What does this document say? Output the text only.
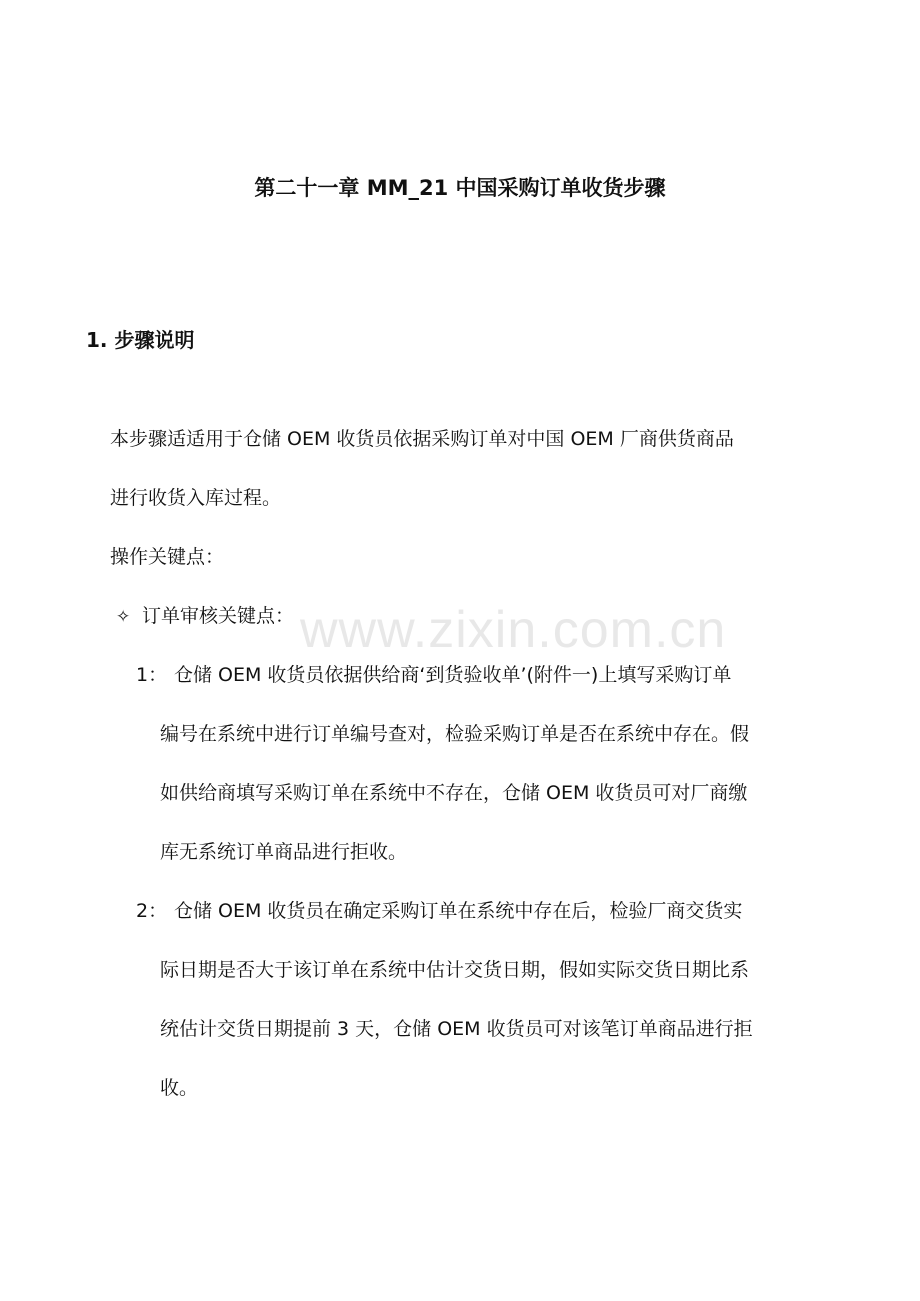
第二十一章 MM_21 中国采购订单收货步骤
1. 步骤说明
本步骤适适用于仓储 OEM 收货员依据采购订单对中国 OEM 厂商供货商品
进行收货入库过程。
操作关键点：
✧ 订单审核关键点：
1： 仓储 OEM 收货员依据供给商‘到货验收单’(附件一)上填写采购订单
编号在系统中进行订单编号查对，检验采购订单是否在系统中存在。假
如供给商填写采购订单在系统中不存在，仓储 OEM 收货员可对厂商缴
库无系统订单商品进行拒收。
2： 仓储 OEM 收货员在确定采购订单在系统中存在后，检验厂商交货实
际日期是否大于该订单在系统中估计交货日期，假如实际交货日期比系
统估计交货日期提前 3 天，仓储 OEM 收货员可对该笔订单商品进行拒
收。
www.zixin.com.cn
